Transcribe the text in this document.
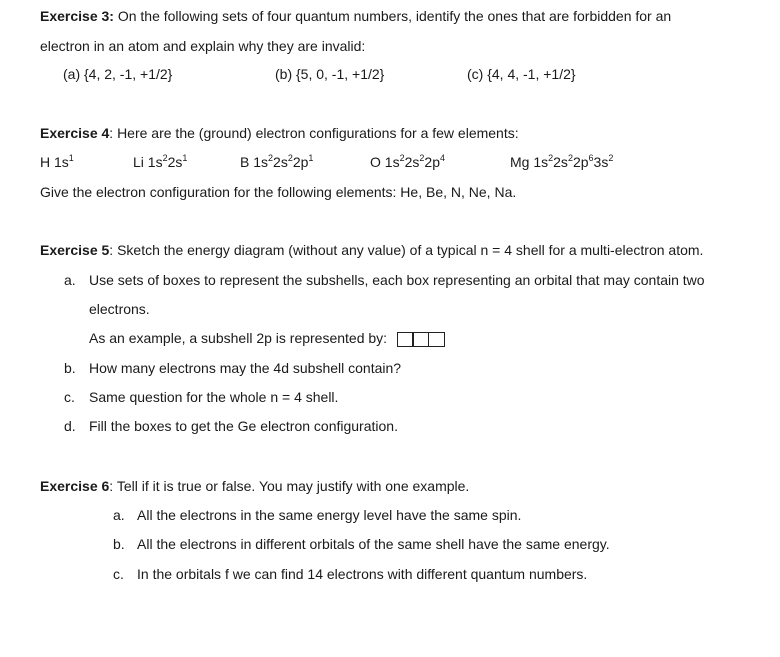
Exercise 3: On the following sets of four quantum numbers, identify the ones that are forbidden for an
electron in an atom and explain why they are invalid:
(a) {4, 2, -1, +1/2}	(b) {5, 0, -1, +1/2}	(c) {4, 4, -1, +1/2}
Exercise 4: Here are the (ground) electron configurations for a few elements:
H $1s^1$	Li $1s^22s^1$	B $1s^22s^22p^1$	O $1s^22s^22p^4$	Mg $1s^22s^22p^63s^2$
Give the electron configuration for the following elements: He, Be, N, Ne, Na.
Exercise 5: Sketch the energy diagram (without any value) of a typical n = 4 shell for a multi-electron atom.
a. Use sets of boxes to represent the subshells, each box representing an orbital that may contain two
electrons.
As an example, a subshell 2p is represented by:
b. How many electrons may the 4d subshell contain?
c. Same question for the whole n = 4 shell.
d. Fill the boxes to get the Ge electron configuration.
Exercise 6: Tell if it is true or false. You may justify with one example.
a. All the electrons in the same energy level have the same spin.
b. All the electrons in different orbitals of the same shell have the same energy.
c. In the orbitals f we can find 14 electrons with different quantum numbers.
